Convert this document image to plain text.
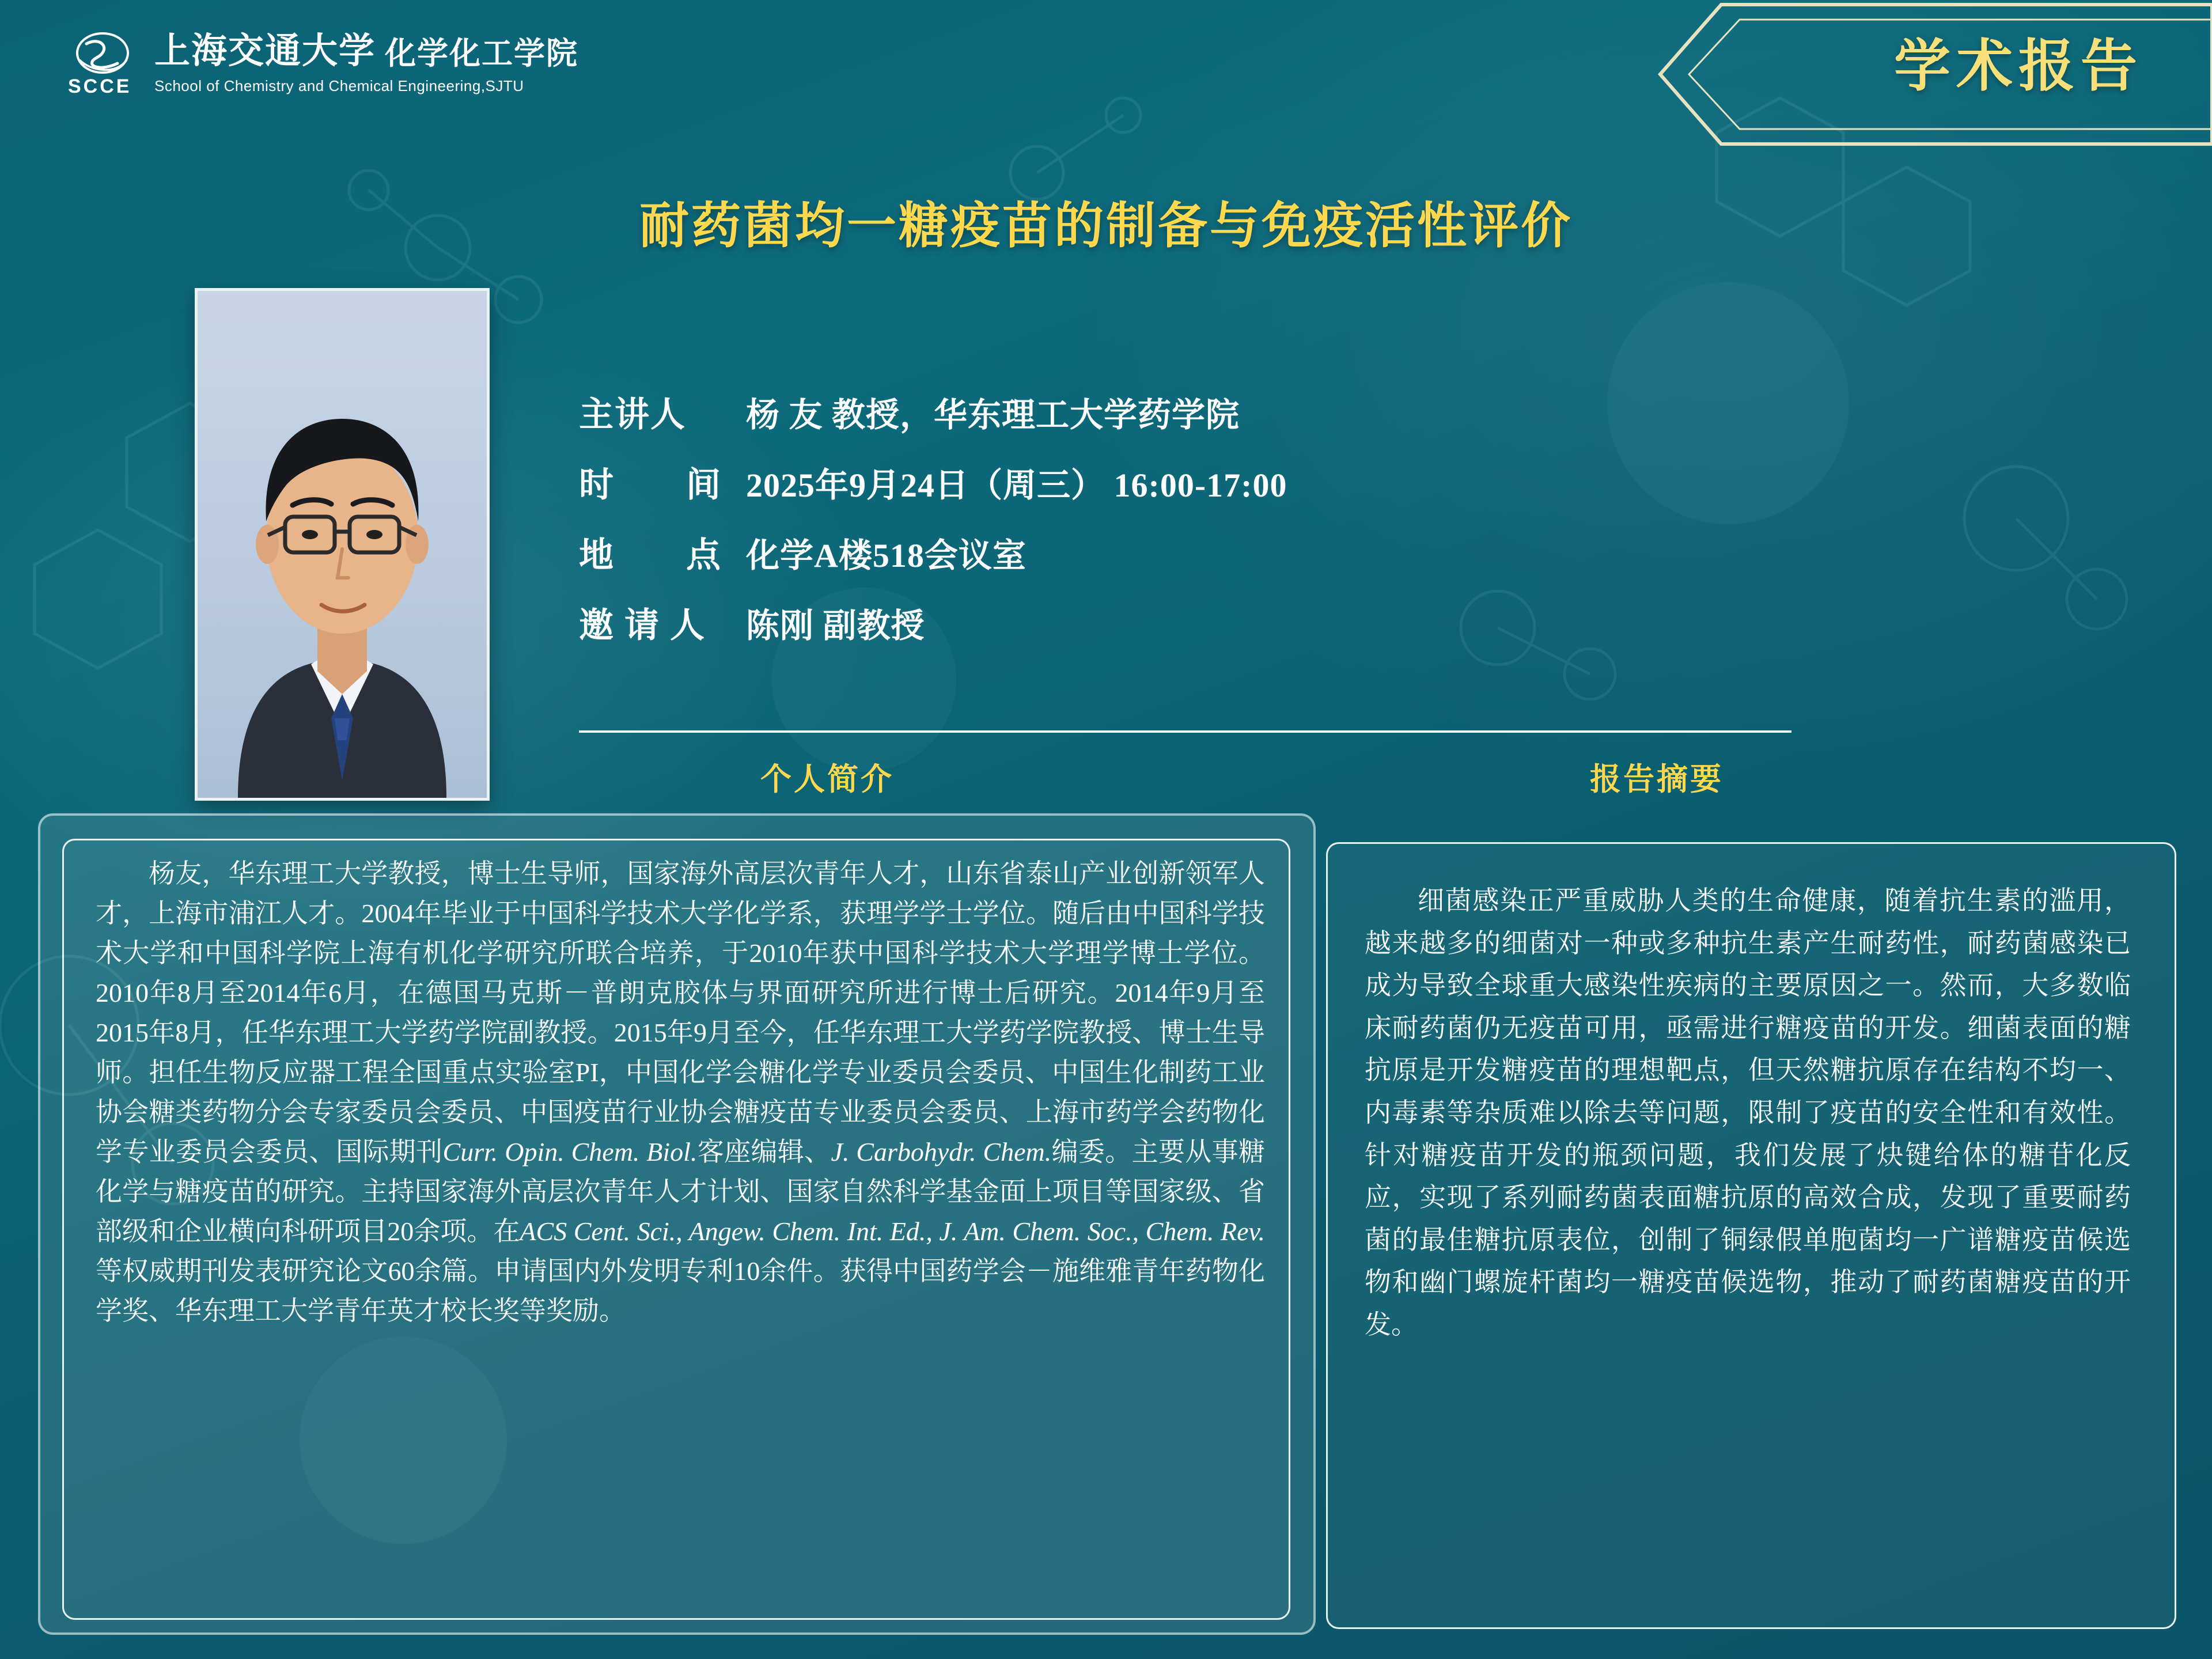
SCCE
上海交通大学 化学化工学院
School of Chemistry and Chemical Engineering,SJTU	学术报告
耐药菌均一糖疫苗的制备与免疫活性评价
主讲人	杨 友 教授，华东理工大学药学院
时　　间 2025年9月24日（周三） 16:00-17:00
地　　点 化学A楼518会议室
邀 请 人	陈刚 副教授
个人简介	报告摘要
杨友，华东理工大学教授，博士生导师，国家海外高层次青年人才，山东省泰山产业创新领军人才，上海市浦江人才。2004年毕业于中国科学技术大学化学系，获理学学士学位。随后由中国科学技术大学和中国科学院上海有机化学研究所联合培养，于2010年获中国科学技术大学理学博士学位。2010年8月至2014年6月，在德国马克斯－普朗克胶体与界面研究所进行博士后研究。2014年9月至2015年8月，任华东理工大学药学院副教授。2015年9月至今，任华东理工大学药学院教授、博士生导师。担任生物反应器工程全国重点实验室PI，中国化学会糖化学专业委员会委员、中国生化制药工业协会糖类药物分会专家委员会委员、中国疫苗行业协会糖疫苗专业委员会委员、上海市药学会药物化学专业委员会委员、国际期刊Curr. Opin. Chem. Biol.客座编辑、J. Carbohydr. Chem.编委。主要从事糖化学与糖疫苗的研究。主持国家海外高层次青年人才计划、国家自然科学基金面上项目等国家级、省部级和企业横向科研项目20余项。在ACS Cent. Sci., Angew. Chem. Int. Ed., J. Am. Chem. Soc., Chem. Rev.等权威期刊发表研究论文60余篇。申请国内外发明专利10余件。获得中国药学会－施维雅青年药物化学奖、华东理工大学青年英才校长奖等奖励。
细菌感染正严重威胁人类的生命健康，随着抗生素的滥用，越来越多的细菌对一种或多种抗生素产生耐药性，耐药菌感染已成为导致全球重大感染性疾病的主要原因之一。然而，大多数临床耐药菌仍无疫苗可用，亟需进行糖疫苗的开发。细菌表面的糖抗原是开发糖疫苗的理想靶点，但天然糖抗原存在结构不均一、内毒素等杂质难以除去等问题，限制了疫苗的安全性和有效性。针对糖疫苗开发的瓶颈问题，我们发展了炔键给体的糖苷化反应，实现了系列耐药菌表面糖抗原的高效合成，发现了重要耐药菌的最佳糖抗原表位，创制了铜绿假单胞菌均一广谱糖疫苗候选物和幽门螺旋杆菌均一糖疫苗候选物，推动了耐药菌糖疫苗的开发。
